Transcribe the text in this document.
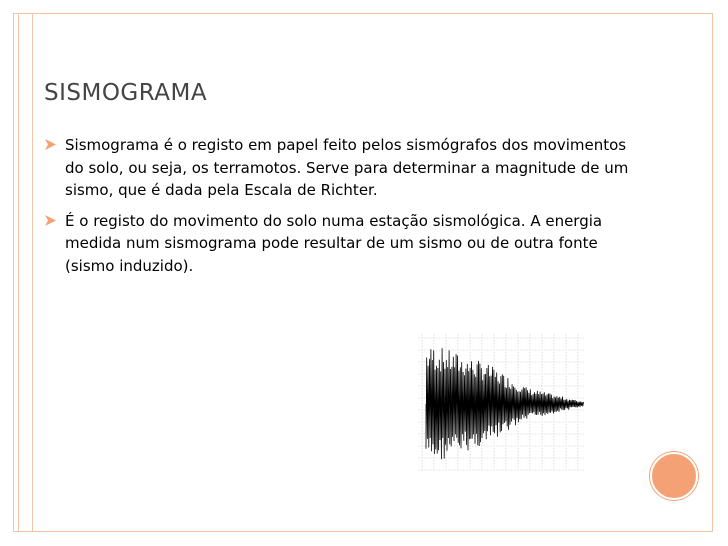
SISMOGRAMA
Sismograma é o registo em papel feito pelos sismógrafos dos movimentos do solo, ou seja, os terramotos. Serve para determinar a magnitude de um sismo, que é dada pela Escala de Richter.
É o registo do movimento do solo numa estação sismológica. A energia medida num sismograma pode resultar de um sismo ou de outra fonte (sismo induzido).
